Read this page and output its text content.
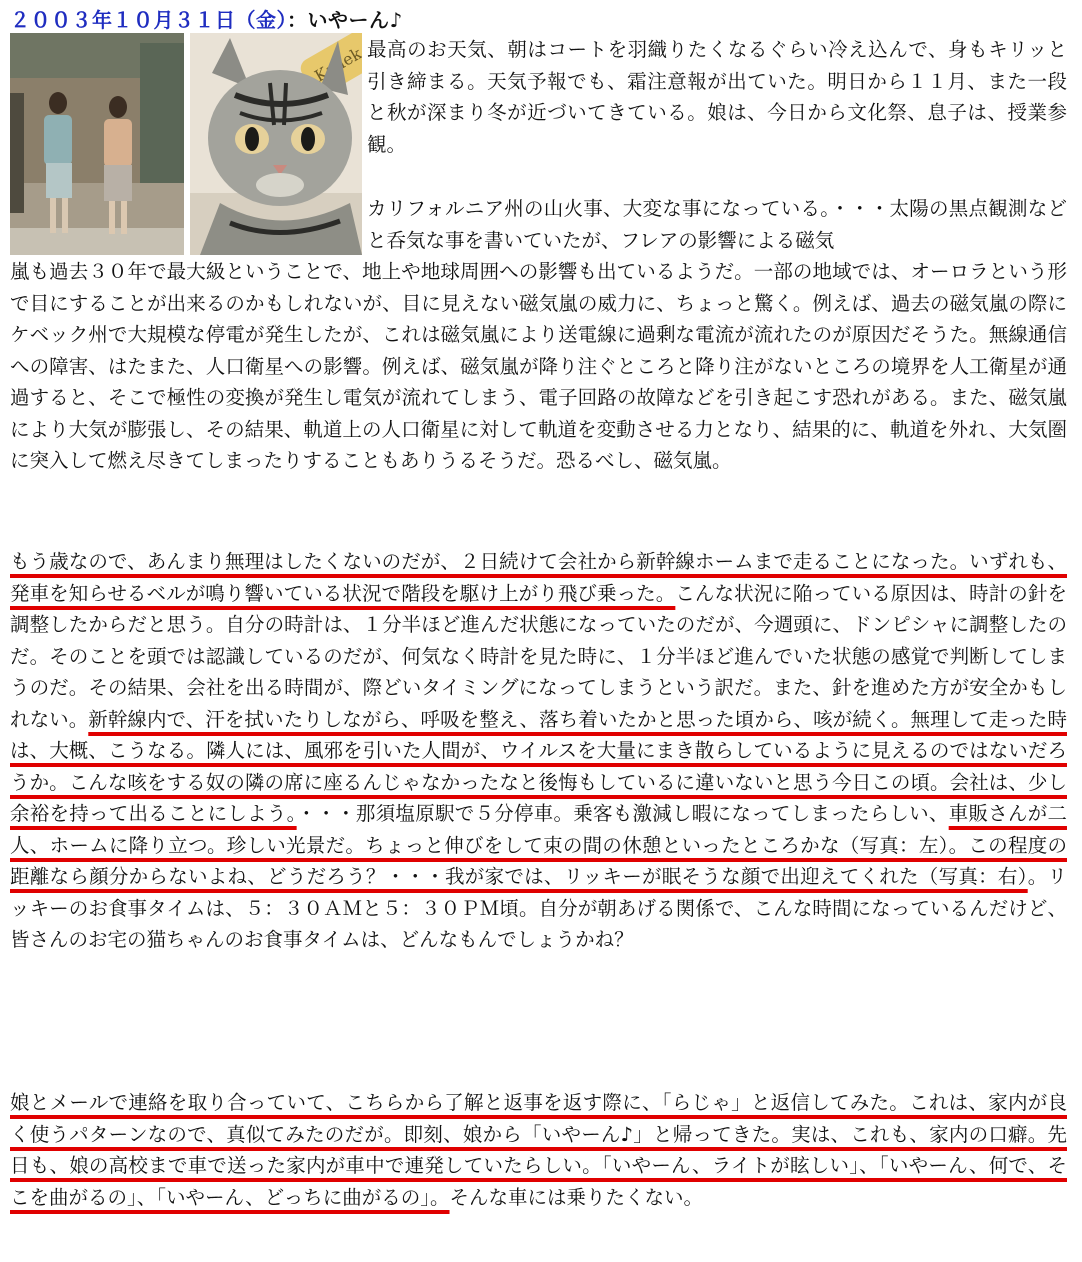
２００３年１０月３１日（金）：いやーん♪
最高のお天気、朝はコートを羽織りたくなるぐらい冷え込んで、身もキリッと引き締まる。天気予報でも、霜注意報が出ていた。明日から１１月、また一段と秋が深まり冬が近づいてきている。娘は、今日から文化祭、息子は、授業参観。
カリフォルニア州の山火事、大変な事になっている。・・・太陽の黒点観測などと呑気な事を書いていたが、フレアの影響による磁気
嵐も過去３０年で最大級ということで、地上や地球周囲への影響も出ているようだ。一部の地域では、オーロラという形で目にすることが出来るのかもしれないが、目に見えない磁気嵐の威力に、ちょっと驚く。例えば、過去の磁気嵐の際にケベック州で大規模な停電が発生したが、これは磁気嵐により送電線に過剰な電流が流れたのが原因だそうた。無線通信への障害、はたまた、人口衛星への影響。例えば、磁気嵐が降り注ぐところと降り注がないところの境界を人工衛星が通過すると、そこで極性の変換が発生し電気が流れてしまう、電子回路の故障などを引き起こす恐れがある。また、磁気嵐により大気が膨張し、その結果、軌道上の人口衛星に対して軌道を変動させる力となり、結果的に、軌道を外れ、大気圏に突入して燃え尽きてしまったりすることもありうるそうだ。恐るべし、磁気嵐。
もう歳なので、あんまり無理はしたくないのだが、２日続けて会社から新幹線ホームまで走ることになった。いずれも、発車を知らせるベルが鳴り響いている状況で階段を駆け上がり飛び乗った。こんな状況に陥っている原因は、時計の針を調整したからだと思う。自分の時計は、１分半ほど進んだ状態になっていたのだが、今週頭に、ドンピシャに調整したのだ。そのことを頭では認識しているのだが、何気なく時計を見た時に、１分半ほど進んでいた状態の感覚で判断してしまうのだ。その結果、会社を出る時間が、際どいタイミングになってしまうという訳だ。また、針を進めた方が安全かもしれない。新幹線内で、汗を拭いたりしながら、呼吸を整え、落ち着いたかと思った頃から、咳が続く。無理して走った時は、大概、こうなる。隣人には、風邪を引いた人間が、ウイルスを大量にまき散らしているように見えるのではないだろうか。こんな咳をする奴の隣の席に座るんじゃなかったなと後悔もしているに違いないと思う今日この頃。会社は、少し余裕を持って出ることにしよう。・・・那須塩原駅で５分停車。乗客も激減し暇になってしまったらしい、車販さんが二人、ホームに降り立つ。珍しい光景だ。ちょっと伸びをして束の間の休憩といったところかな（写真：左）。この程度の距離なら顔分からないよね、どうだろう？・・・我が家では、リッキーが眠そうな顔で出迎えてくれた（写真：右）。リッキーのお食事タイムは、５：３０ＡＭと５：３０ＰＭ頃。自分が朝あげる関係で、こんな時間になっているんだけど、皆さんのお宅の猫ちゃんのお食事タイムは、どんなもんでしょうかね？
娘とメールで連絡を取り合っていて、こちらから了解と返事を返す際に、「らじゃ」と返信してみた。これは、家内が良く使うパターンなので、真似てみたのだが。即刻、娘から「いやーん♪」と帰ってきた。実は、これも、家内の口癖。先日も、娘の高校まで車で送った家内が車中で連発していたらしい。「いやーん、ライトが眩しい」、「いやーん、何で、そこを曲がるの」、「いやーん、どっちに曲がるの」。そんな車には乗りたくない。
